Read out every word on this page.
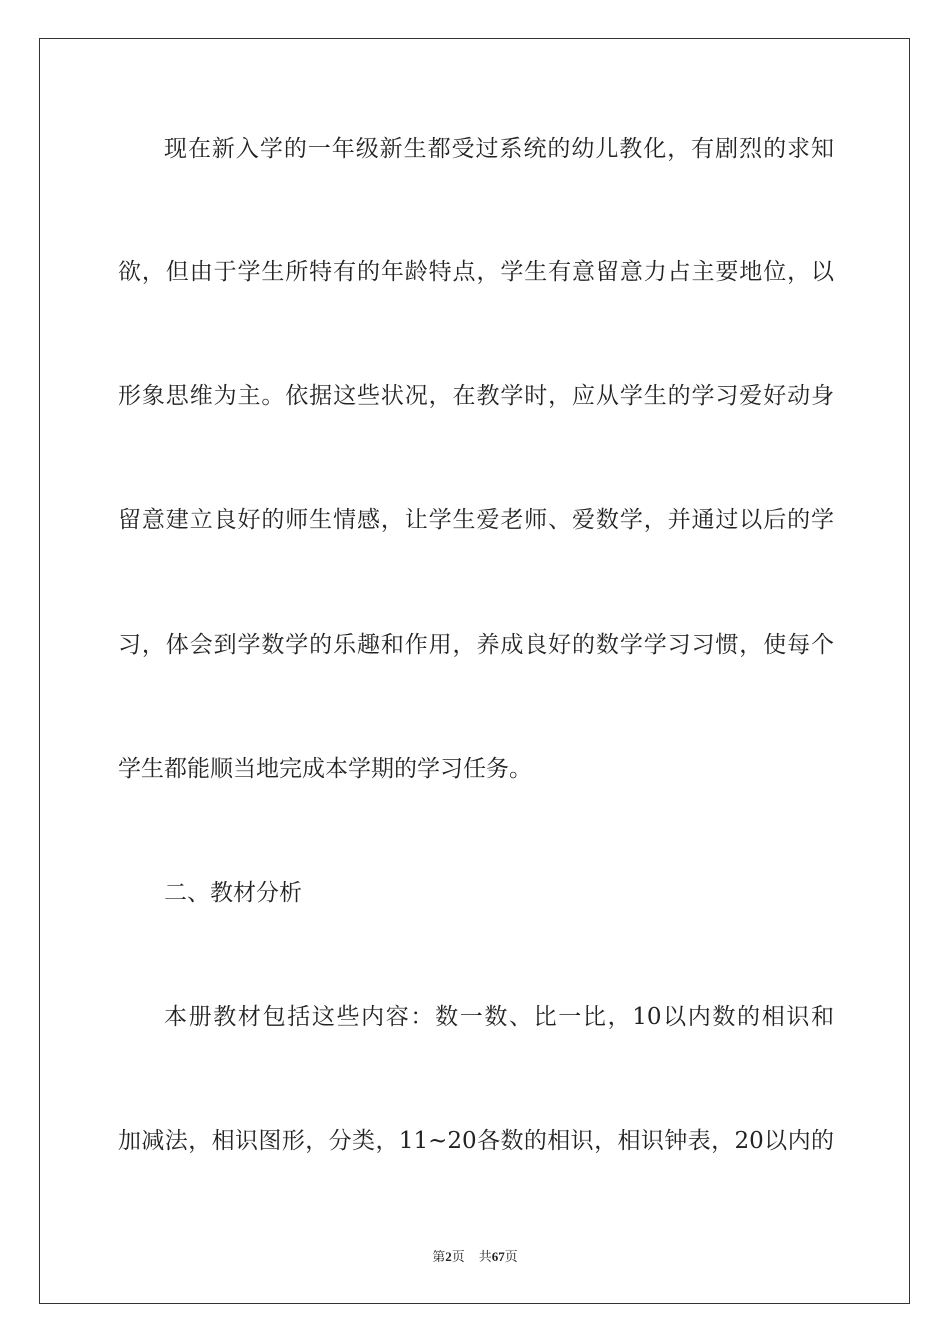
现在新入学的一年级新生都受过系统的幼儿教化，有剧烈的求知
欲，但由于学生所特有的年龄特点，学生有意留意力占主要地位，以
形象思维为主。依据这些状况，在教学时，应从学生的学习爱好动身
留意建立良好的师生情感，让学生爱老师、爱数学，并通过以后的学
习，体会到学数学的乐趣和作用，养成良好的数学学习习惯，使每个
学生都能顺当地完成本学期的学习任务。
二、教材分析
本册教材包括这些内容：数一数、比一比，10以内数的相识和
加减法，相识图形，分类，11~20各数的相识，相识钟表，20以内的
第2页 共67页
